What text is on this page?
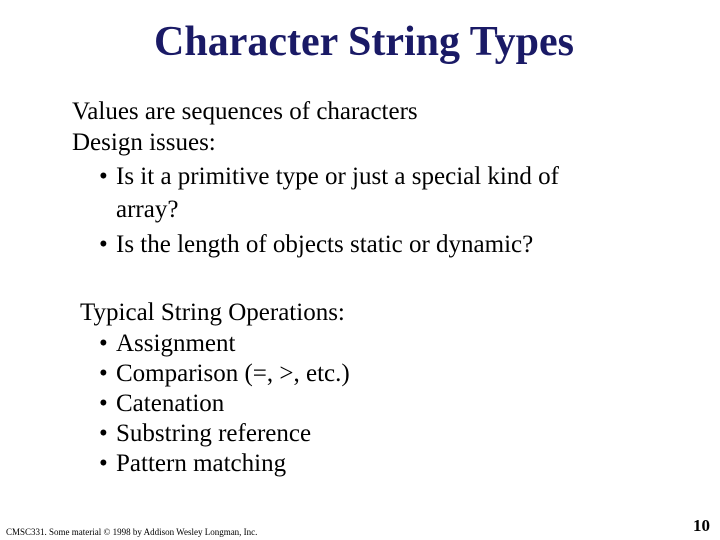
Character String Types
Values are sequences of characters
Design issues:
• Is it a primitive type or just a special kind of
array?
• Is the length of objects static or dynamic?
Typical String Operations:
• Assignment
• Comparison (=, >, etc.)
• Catenation
• Substring reference
• Pattern matching
CMSC331. Some material © 1998 by Addison Wesley Longman, Inc.	10
